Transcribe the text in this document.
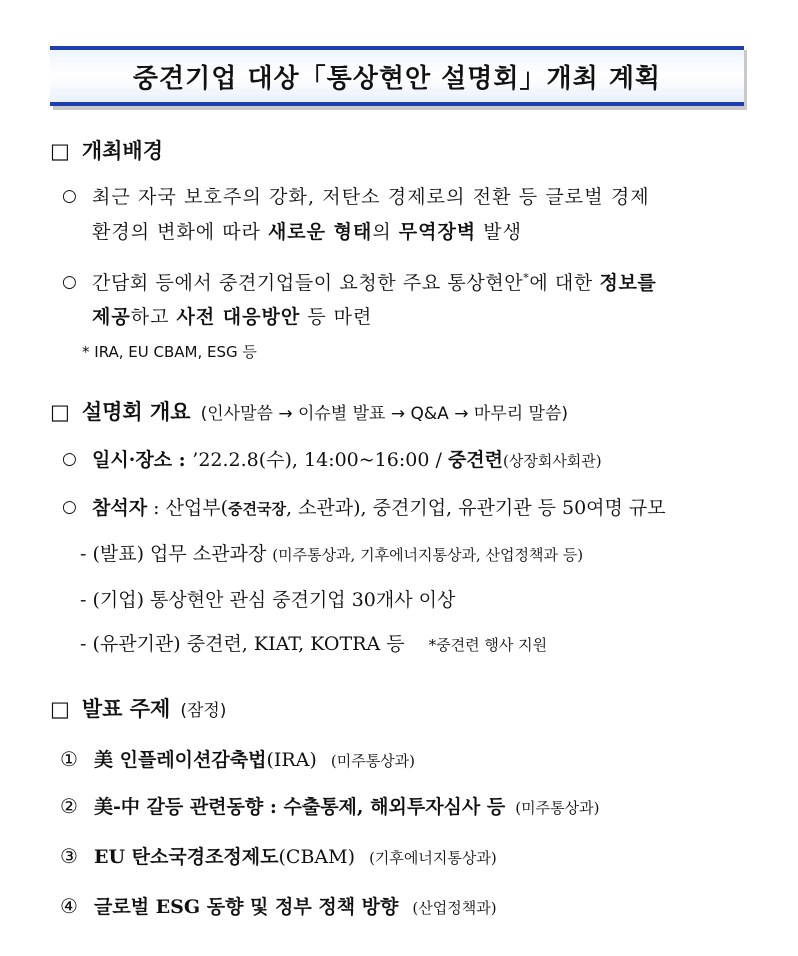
중견기업 대상「통상현안 설명회」개최 계획
□ 개최배경
○ 최근 자국 보호주의 강화, 저탄소 경제로의 전환 등 글로벌 경제
환경의 변화에 따라 새로운 형태의 무역장벽 발생
○ 간담회 등에서 중견기업들이 요청한 주요 통상현안*에 대한 정보를
제공하고 사전 대응방안 등 마련
* IRA, EU CBAM, ESG 등
□ 설명회 개요 (인사말씀 → 이슈별 발표 → Q&A → 마무리 말씀)
○ 일시·장소 : ’22.2.8(수), 14:00~16:00 / 중견련(상장회사회관)
○ 참석자 : 산업부(중견국장, 소관과), 중견기업, 유관기관 등 50여명 규모
- (발표) 업무 소관과장 (미주통상과, 기후에너지통상과, 산업정책과 등)
- (기업) 통상현안 관심 중견기업 30개사 이상
- (유관기관) 중견련, KIAT, KOTRA 등 *중견련 행사 지원
□ 발표 주제 (잠정)
① 美 인플레이션감축법(IRA) (미주통상과)
② 美-中 갈등 관련동향 : 수출통제, 해외투자심사 등 (미주통상과)
③ EU 탄소국경조정제도(CBAM) (기후에너지통상과)
④ 글로벌 ESG 동향 및 정부 정책 방향 (산업정책과)
